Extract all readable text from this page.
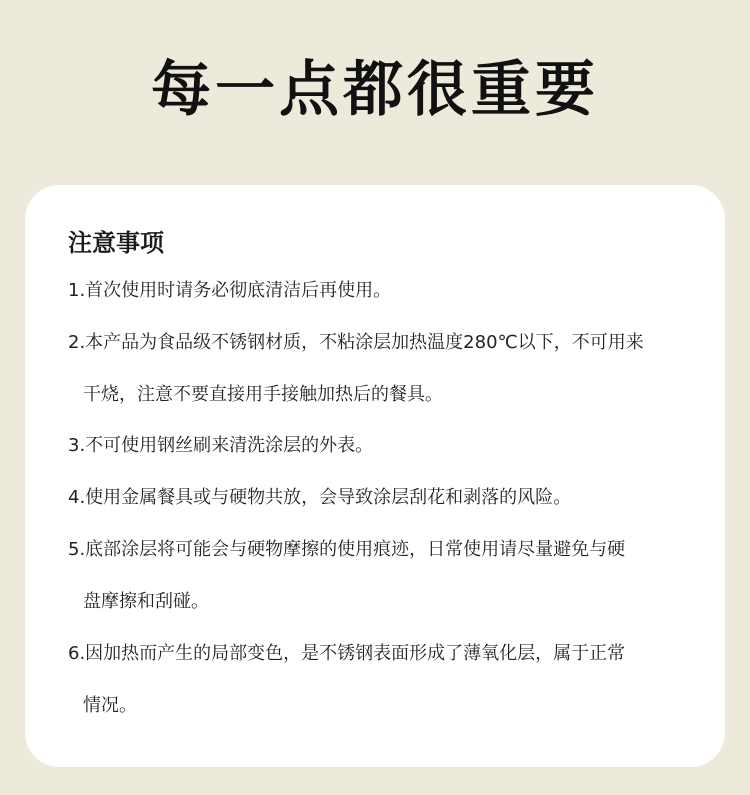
每一点都很重要
注意事项
1.首次使用时请务必彻底清洁后再使用。
2.本产品为食品级不锈钢材质，不粘涂层加热温度280℃以下，不可用来
干烧，注意不要直接用手接触加热后的餐具。
3.不可使用钢丝刷来清洗涂层的外表。
4.使用金属餐具或与硬物共放，会导致涂层刮花和剥落的风险。
5.底部涂层将可能会与硬物摩擦的使用痕迹，日常使用请尽量避免与硬
盘摩擦和刮碰。
6.因加热而产生的局部变色，是不锈钢表面形成了薄氧化层，属于正常
情况。
